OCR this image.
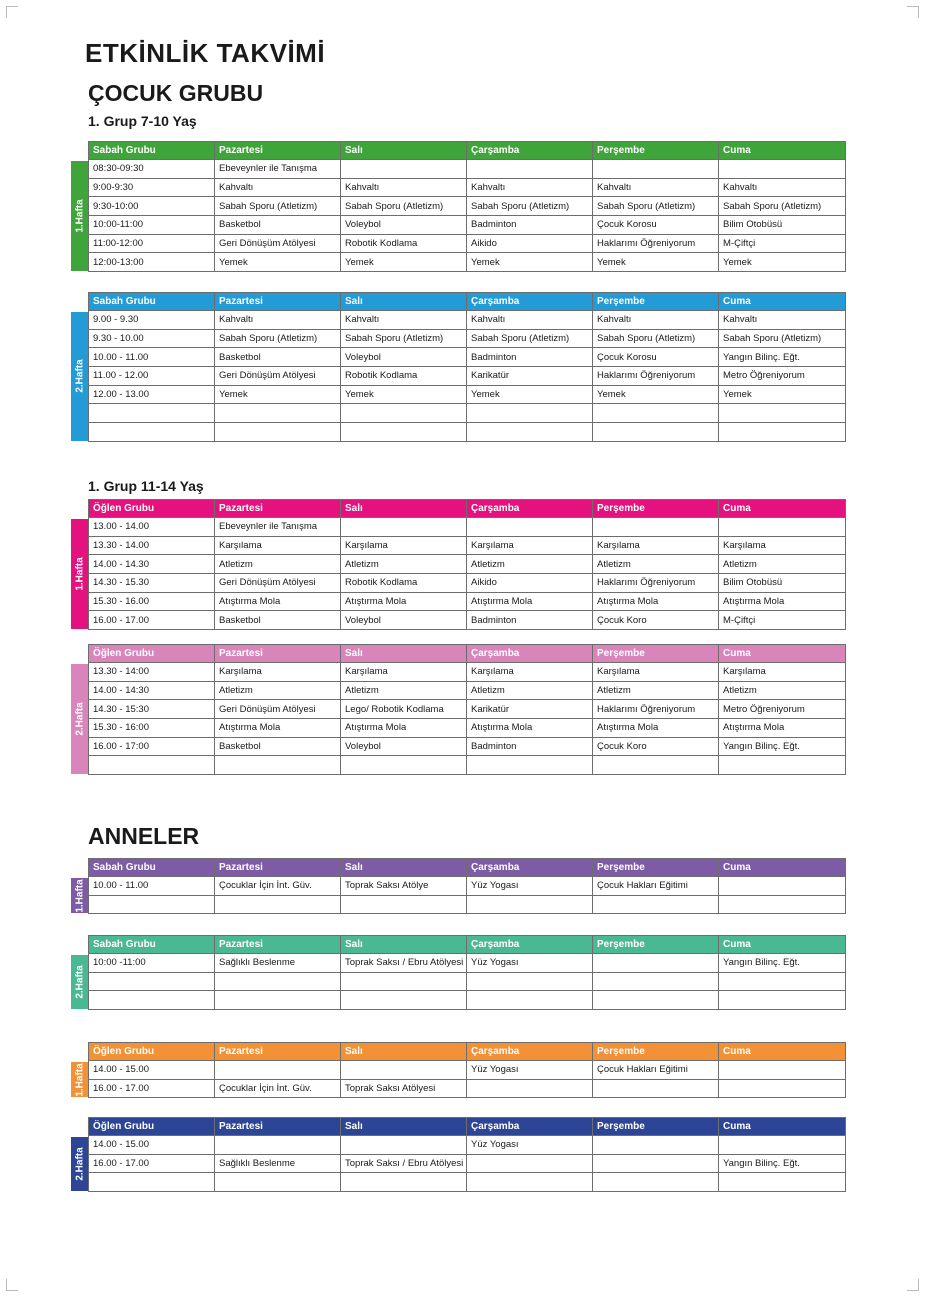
ETKİNLİK TAKVİMİ
ÇOCUK GRUBU
1. Grup 7-10 Yaş
1. Grup 11-14 Yaş
ANNELER
1.Hafta
Sabah Grubu	Pazartesi	Salı	Çarşamba	Perşembe	Cuma
08:30-09:30	Ebeveynler ile Tanışma				
9:00-9:30	Kahvaltı	Kahvaltı	Kahvaltı	Kahvaltı	Kahvaltı
9:30-10:00	Sabah Sporu (Atletizm)	Sabah Sporu (Atletizm)	Sabah Sporu (Atletizm)	Sabah Sporu (Atletizm)	Sabah Sporu (Atletizm)
10:00-11:00	Basketbol	Voleybol	Badminton	Çocuk Korosu	Bilim Otobüsü
11:00-12:00	Geri Dönüşüm Atölyesi	Robotik Kodlama	Aikido	Haklarımı Öğreniyorum	M-Çiftçi
12:00-13:00	Yemek	Yemek	Yemek	Yemek	Yemek
2.Hafta
Sabah Grubu	Pazartesi	Salı	Çarşamba	Perşembe	Cuma
9.00 - 9.30	Kahvaltı	Kahvaltı	Kahvaltı	Kahvaltı	Kahvaltı
9.30 - 10.00	Sabah Sporu (Atletizm)	Sabah Sporu (Atletizm)	Sabah Sporu (Atletizm)	Sabah Sporu (Atletizm)	Sabah Sporu (Atletizm)
10.00 - 11.00	Basketbol	Voleybol	Badminton	Çocuk Korosu	Yangın Bilinç. Eğt.
11.00 - 12.00	Geri Dönüşüm Atölyesi	Robotik Kodlama	Karikatür	Haklarımı Öğreniyorum	Metro Öğreniyorum
12.00 - 13.00	Yemek	Yemek	Yemek	Yemek	Yemek

1.Hafta
Öğlen Grubu	Pazartesi	Salı	Çarşamba	Perşembe	Cuma
13.00 - 14.00	Ebeveynler ile Tanışma				
13.30 - 14.00	Karşılama	Karşılama	Karşılama	Karşılama	Karşılama
14.00 - 14.30	Atletizm	Atletizm	Atletizm	Atletizm	Atletizm
14.30 - 15.30	Geri Dönüşüm Atölyesi	Robotik Kodlama	Aikido	Haklarımı Öğreniyorum	Bilim Otobüsü
15.30 - 16.00	Atıştırma Mola	Atıştırma Mola	Atıştırma Mola	Atıştırma Mola	Atıştırma Mola
16.00 - 17.00	Basketbol	Voleybol	Badminton	Çocuk Koro	M-Çiftçi
2.Hafta
Öğlen Grubu	Pazartesi	Salı	Çarşamba	Perşembe	Cuma
13.30 - 14:00	Karşılama	Karşılama	Karşılama	Karşılama	Karşılama
14.00 - 14:30	Atletizm	Atletizm	Atletizm	Atletizm	Atletizm
14.30 - 15:30	Geri Dönüşüm Atölyesi	Lego/ Robotik Kodlama	Karikatür	Haklarımı Öğreniyorum	Metro Öğreniyorum
15.30 - 16:00	Atıştırma Mola	Atıştırma Mola	Atıştırma Mola	Atıştırma Mola	Atıştırma Mola
16.00 - 17:00	Basketbol	Voleybol	Badminton	Çocuk Koro	Yangın Bilinç. Eğt.

1.Hafta
Sabah Grubu	Pazartesi	Salı	Çarşamba	Perşembe	Cuma
10.00 - 11.00	Çocuklar İçin İnt. Güv.	Toprak Saksı Atölye	Yüz Yogası	Çocuk Hakları Eğitimi	

2.Hafta
Sabah Grubu	Pazartesi	Salı	Çarşamba	Perşembe	Cuma
10:00 -11:00	Sağlıklı Beslenme	Toprak Saksı / Ebru Atölyesi	Yüz Yogası		Yangın Bilinç. Eğt.

1.Hafta
Öğlen Grubu	Pazartesi	Salı	Çarşamba	Perşembe	Cuma
14.00 - 15.00			Yüz Yogası	Çocuk Hakları Eğitimi	
16.00 - 17.00	Çocuklar İçin İnt. Güv.	Toprak Saksı Atölyesi			
2.Hafta
Öğlen Grubu	Pazartesi	Salı	Çarşamba	Perşembe	Cuma
14.00 - 15.00			Yüz Yogası		
16.00 - 17.00	Sağlıklı Beslenme	Toprak Saksı / Ebru Atölyesi			Yangın Bilinç. Eğt.
